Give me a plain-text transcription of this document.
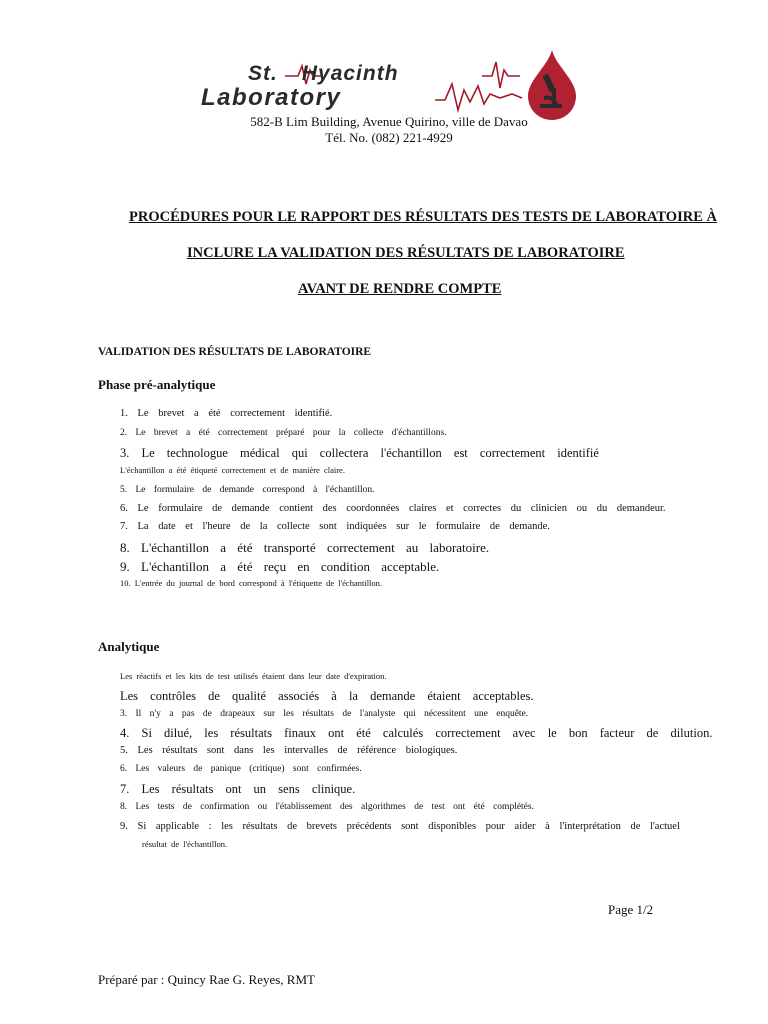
St. Hyacinth
Laboratory
582-B Lim Building, Avenue Quirino, ville de Davao
Tél. No. (082) 221-4929
PROCÉDURES POUR LE RAPPORT DES RÉSULTATS DES TESTS DE LABORATOIRE À
INCLURE LA VALIDATION DES RÉSULTATS DE LABORATOIRE
AVANT DE RENDRE COMPTE
VALIDATION DES RÉSULTATS DE LABORATOIRE
Phase pré-analytique
1. Le brevet a été correctement identifié.
2. Le brevet a été correctement préparé pour la collecte d'échantillons.
3. Le technologue médical qui collectera l'échantillon est correctement identifié
L'échantillon a été étiqueté correctement et de manière claire.
5. Le formulaire de demande correspond à l'échantillon.
6. Le formulaire de demande contient des coordonnées claires et correctes du clinicien ou du demandeur.
7. La date et l'heure de la collecte sont indiquées sur le formulaire de demande.
8. L'échantillon a été transporté correctement au laboratoire.
9. L'échantillon a été reçu en condition acceptable.
10. L'entrée du journal de bord correspond à l'étiquette de l'échantillon.
Analytique
Les réactifs et les kits de test utilisés étaient dans leur date d'expiration.
Les contrôles de qualité associés à la demande étaient acceptables.
3. Il n'y a pas de drapeaux sur les résultats de l'analyste qui nécessitent une enquête.
4. Si dilué, les résultats finaux ont été calculés correctement avec le bon facteur de dilution.
5. Les résultats sont dans les intervalles de référence biologiques.
6. Les valeurs de panique (critique) sont confirmées.
7. Les résultats ont un sens clinique.
8. Les tests de confirmation ou l'établissement des algorithmes de test ont été complétés.
9. Si applicable : les résultats de brevets précédents sont disponibles pour aider à l'interprétation de l'actuel
résultat de l'échantillon.
Page 1/2
Préparé par : Quincy Rae G. Reyes, RMT
